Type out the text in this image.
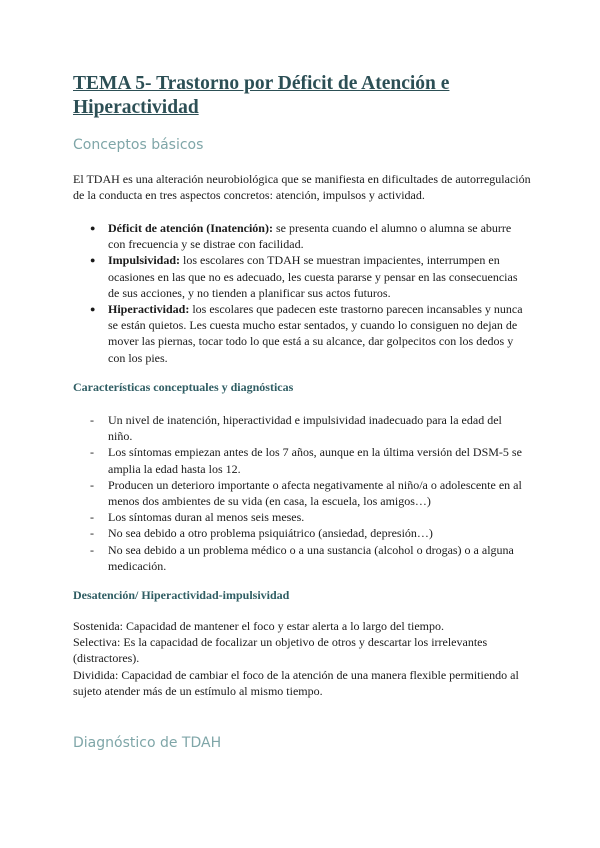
TEMA 5- Trastorno por Déficit de Atención e Hiperactividad
Conceptos básicos

El TDAH es una alteración neurobiológica que se manifiesta en dificultades de autorregulación de la conducta en tres aspectos concretos: atención, impulsos y actividad.

●	Déficit de atención (Inatención): se presenta cuando el alumno o alumna se aburre con frecuencia y se distrae con facilidad.
●	Impulsividad: los escolares con TDAH se muestran impacientes, interrumpen en ocasiones en las que no es adecuado, les cuesta pararse y pensar en las consecuencias de sus acciones, y no tienden a planificar sus actos futuros.
●	Hiperactividad: los escolares que padecen este trastorno parecen incansables y nunca se están quietos. Les cuesta mucho estar sentados, y cuando lo consiguen no dejan de mover las piernas, tocar todo lo que está a su alcance, dar golpecitos con los dedos y con los pies.
Características conceptuales y diagnósticas
-	Un nivel de inatención, hiperactividad e impulsividad inadecuado para la edad del niño.
-	Los síntomas empiezan antes de los 7 años, aunque en la última versión del DSM-5 se amplia la edad hasta los 12.
-	Producen un deterioro importante o afecta negativamente al niño/a o adolescente en al menos dos ambientes de su vida (en casa, la escuela, los amigos…)
-	Los síntomas duran al menos seis meses.
-	No sea debido a otro problema psiquiátrico (ansiedad, depresión…)
-	No sea debido a un problema médico o a una sustancia (alcohol o drogas) o a alguna medicación.
Desatención/ Hiperactividad-impulsividad

Sostenida: Capacidad de mantener el foco y estar alerta a lo largo del tiempo.

Selectiva: Es la capacidad de focalizar un objetivo de otros y descartar los irrelevantes (distractores).

Dividida: Capacidad de cambiar el foco de la atención de una manera flexible permitiendo al sujeto atender más de un estímulo al mismo tiempo.

Diagnóstico de TDAH
